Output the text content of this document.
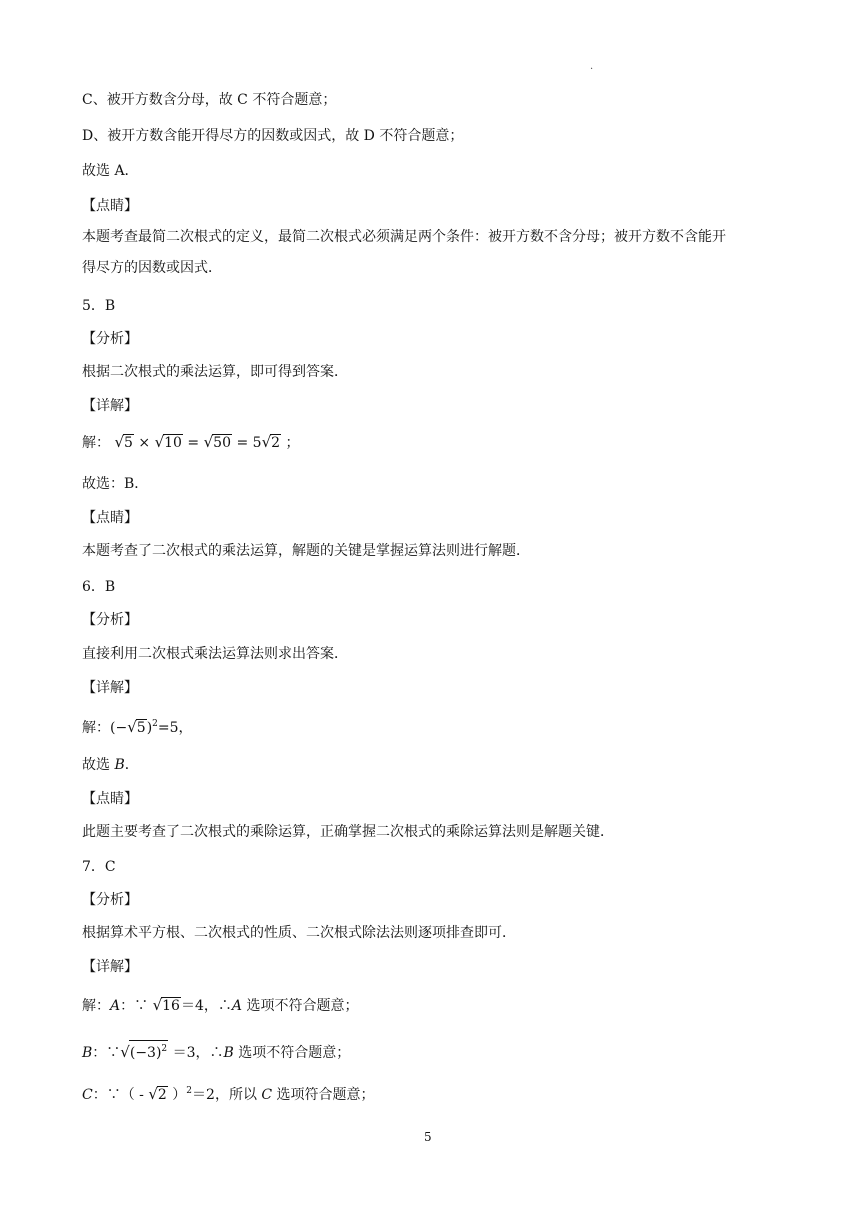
·
C、被开方数含分母，故 C 不符合题意；
D、被开方数含能开得尽方的因数或因式，故 D 不符合题意；
故选 A．
【点睛】
本题考查最简二次根式的定义，最简二次根式必须满足两个条件：被开方数不含分母；被开方数不含能开
得尽方的因数或因式．
5．B
【分析】
根据二次根式的乘法运算，即可得到答案．
【详解】
解： √5 × √10 = √50 = 5√2 ；
故选：B．
【点睛】
本题考查了二次根式的乘法运算，解题的关键是掌握运算法则进行解题．
6．B
【分析】
直接利用二次根式乘法运算法则求出答案．
【详解】
解：$(-√5)^2=5$，
故选 B．
【点睛】
此题主要考查了二次根式的乘除运算，正确掌握二次根式的乘除运算法则是解题关键．
7．C
【分析】
根据算术平方根、二次根式的性质、二次根式除法法则逐项排查即可．
【详解】
解：A：∵ √16＝4，∴A 选项不符合题意；
B：$\because√(-3)^2 =3$，∴B 选项不符合题意；
C：∵（ - √2 ）$^2$＝2，所以 C 选项符合题意；
5
